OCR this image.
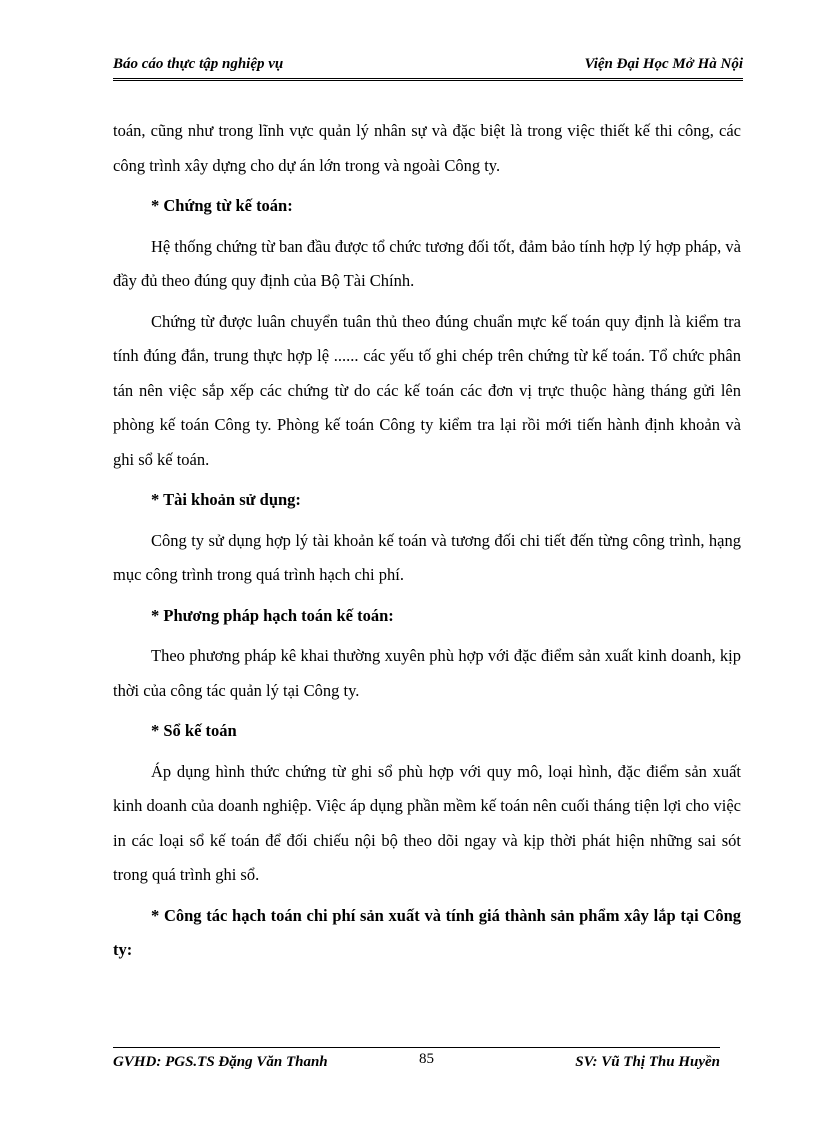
Báo cáo thực tập nghiệp vụ	Viện Đại Học Mở Hà Nội

toán, cũng như trong lĩnh vực quản lý nhân sự và đặc biệt là trong việc thiết kế thi công, các công trình xây dựng cho dự án lớn trong và ngoài Công ty.

* Chứng từ kế toán:

Hệ thống chứng từ ban đầu được tổ chức tương đối tốt, đảm bảo tính hợp lý hợp pháp, và đầy đủ theo đúng quy định của Bộ Tài Chính.

Chứng từ được luân chuyển tuân thủ theo đúng chuẩn mực kế toán quy định là kiểm tra tính đúng đắn, trung thực hợp lệ ...... các yếu tố ghi chép trên chứng từ kế toán. Tổ chức phân tán nên việc sắp xếp các chứng từ do các kế toán các đơn vị trực thuộc hàng tháng gửi lên phòng kế toán Công ty. Phòng kế toán Công ty kiểm tra lại rồi mới tiến hành định khoản và ghi sổ kế toán.

* Tài khoản sử dụng:

Công ty sử dụng hợp lý tài khoản kế toán và tương đối chi tiết đến từng công trình, hạng mục công trình trong quá trình hạch chi phí.

* Phương pháp hạch toán kế toán:

Theo phương pháp kê khai thường xuyên phù hợp với đặc điểm sản xuất kinh doanh, kịp thời của công tác quản lý tại Công ty.

* Sổ kế toán

Áp dụng hình thức chứng từ ghi sổ phù hợp với quy mô, loại hình, đặc điểm sản xuất kinh doanh của doanh nghiệp. Việc áp dụng phần mềm kế toán nên cuối tháng tiện lợi cho việc in các loại sổ kế toán để đối chiếu nội bộ theo dõi ngay và kịp thời phát hiện những sai sót trong quá trình ghi sổ.

* Công tác hạch toán chi phí sản xuất và tính giá thành sản phẩm xây lắp tại Công ty:

GVHD: PGS.TS Đặng Văn Thanh	85	SV: Vũ Thị Thu Huyền
